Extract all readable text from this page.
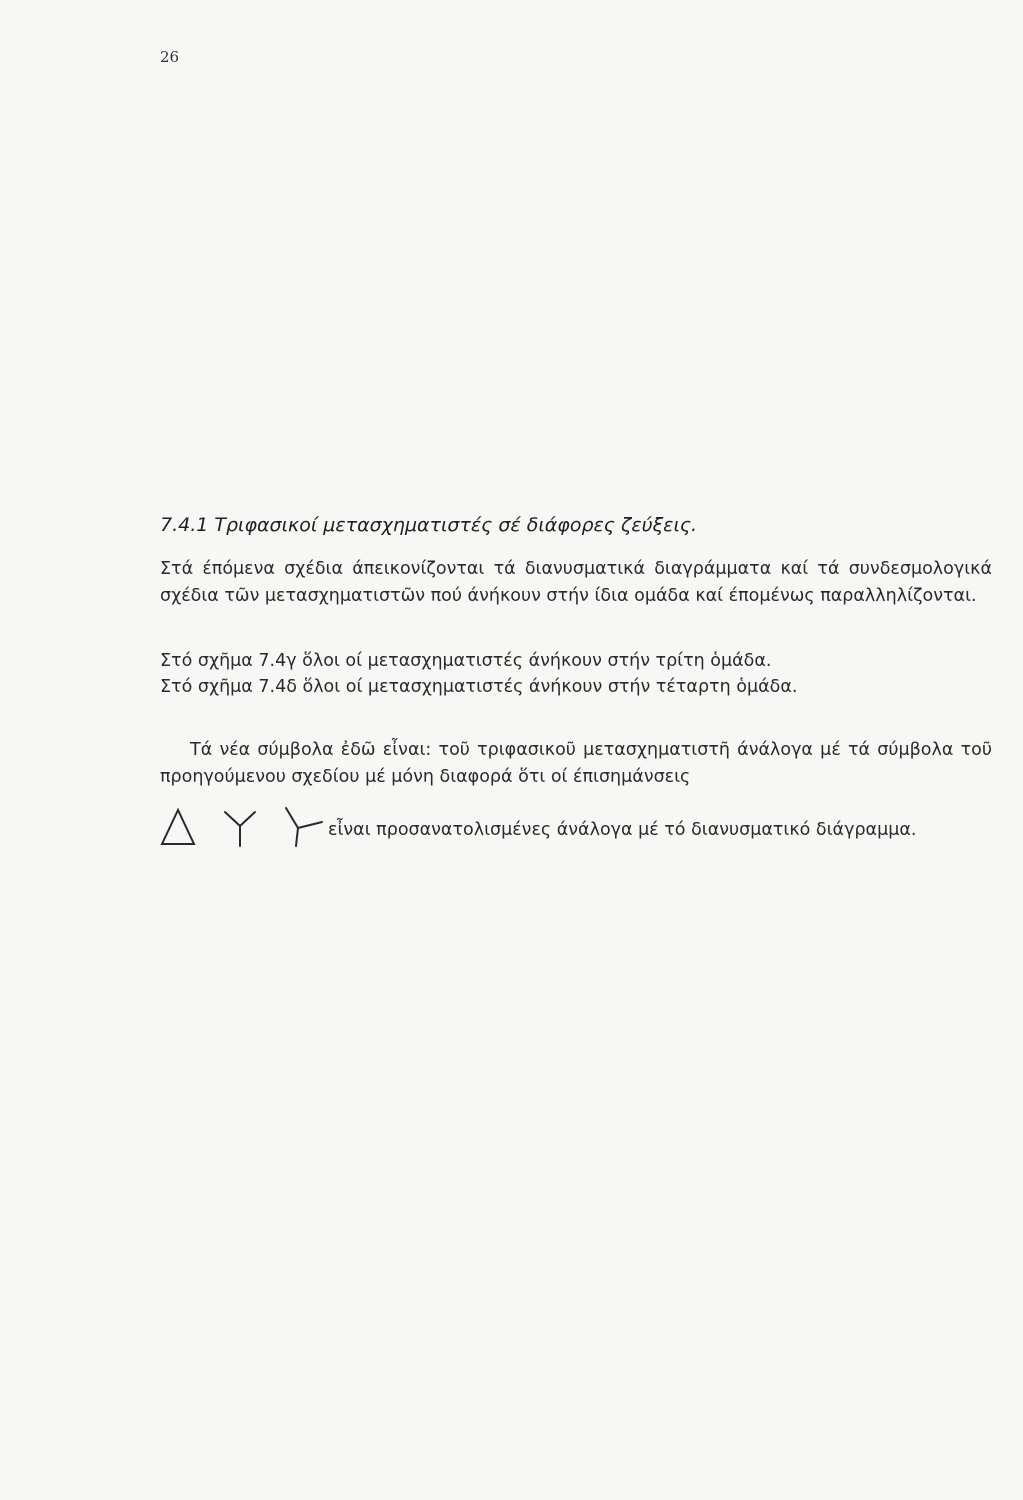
26
7.4.1 Τριφασικοί μετασχηματιστές σέ διάφορες ζεύξεις.

Στά έπόμενα σχέδια άπεικονίζονται τά διανυσματικά διαγράμματα καί τά συνδεσμολογικά σχέδια τῶν μετασχηματιστῶν πού άνήκουν στήν ίδια ομάδα καί έπομένως παραλληλίζονται.

Στό σχῆμα 7.4γ ὅλοι οί μετασχηματιστές άνήκουν στήν τρίτη ὁμάδα.

Στό σχῆμα 7.4δ ὅλοι οί μετασχηματιστές άνήκουν στήν τέταρτη ὁμάδα.

Τά νέα σύμβολα ἐδῶ εἶναι: τοῦ τριφασικοῦ μετασχηματιστῆ άνάλογα μέ τά σύμβολα τοῦ προηγούμενου σχεδίου μέ μόνη διαφορά ὅτι οί έπισημάνσεις

εἶναι προσανατολισμένες άνάλογα μέ τό διανυσματικό διάγραμμα.
